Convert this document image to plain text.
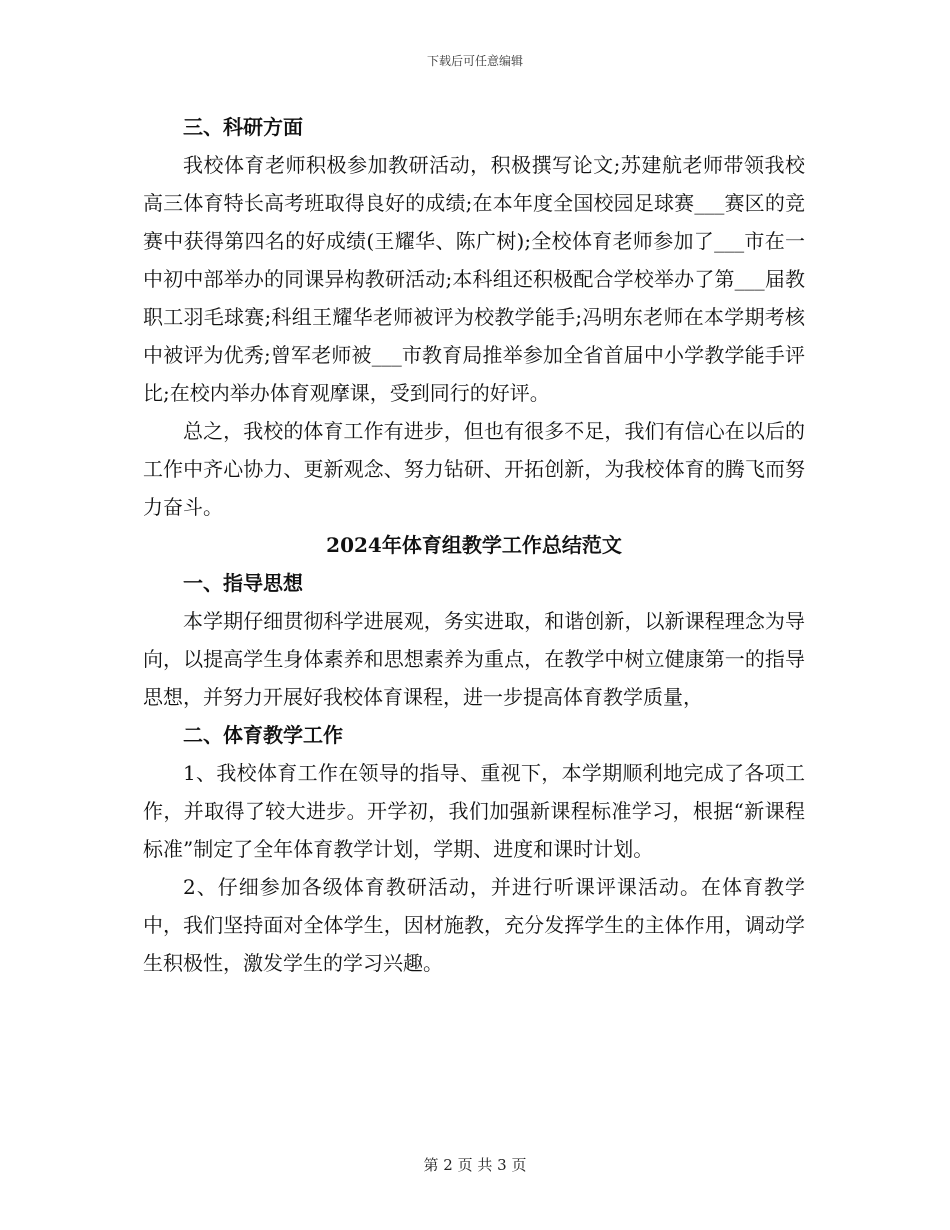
下载后可任意编辑

三、科研方面

我校体育老师积极参加教研活动，积极撰写论文;苏建航老师带领我校高三体育特长高考班取得良好的成绩;在本年度全国校园足球赛___赛区的竞赛中获得第四名的好成绩(王耀华、陈广树);全校体育老师参加了___市在一中初中部举办的同课异构教研活动;本科组还积极配合学校举办了第___届教职工羽毛球赛;科组王耀华老师被评为校教学能手;冯明东老师在本学期考核中被评为优秀;曾军老师被___市教育局推举参加全省首届中小学教学能手评比;在校内举办体育观摩课，受到同行的好评。

总之，我校的体育工作有进步，但也有很多不足，我们有信心在以后的工作中齐心协力、更新观念、努力钻研、开拓创新，为我校体育的腾飞而努力奋斗。

2024年体育组教学工作总结范文

一、指导思想

本学期仔细贯彻科学进展观，务实进取，和谐创新，以新课程理念为导向，以提高学生身体素养和思想素养为重点，在教学中树立健康第一的指导思想，并努力开展好我校体育课程，进一步提高体育教学质量，

二、体育教学工作

1、我校体育工作在领导的指导、重视下，本学期顺利地完成了各项工作，并取得了较大进步。开学初，我们加强新课程标准学习，根据“新课程标准”制定了全年体育教学计划，学期、进度和课时计划。

2、仔细参加各级体育教研活动，并进行听课评课活动。在体育教学中，我们坚持面对全体学生，因材施教，充分发挥学生的主体作用，调动学生积极性，激发学生的学习兴趣。

第 2 页 共 3 页
